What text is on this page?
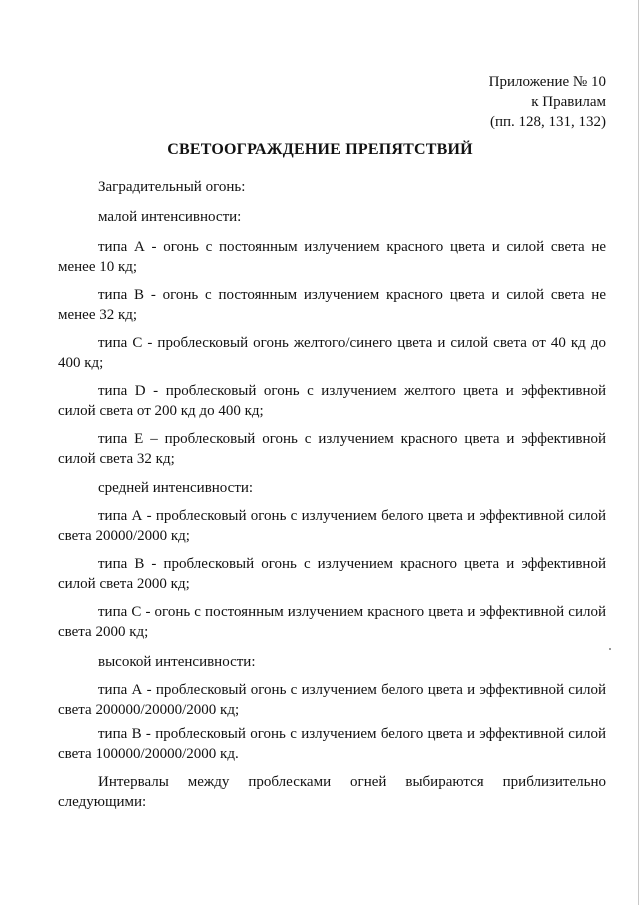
Приложение № 10
к Правилам
(пп. 128, 131, 132)
СВЕТООГРАЖДЕНИЕ ПРЕПЯТСТВИЙ
Заградительный огонь:
малой интенсивности:
типа А - огонь с постоянным излучением красного цвета и силой света не
менее 10 кд;
типа В - огонь с постоянным излучением красного цвета и силой света не
менее 32 кд;
типа С - проблесковый огонь желтого/синего цвета и силой света от 40 кд до
400 кд;
типа D - проблесковый огонь с излучением желтого цвета и эффективной
силой света от 200 кд до 400 кд;
типа Е – проблесковый огонь с излучением красного цвета и эффективной
силой света 32 кд;
средней интенсивности:
типа А - проблесковый огонь с излучением белого цвета и эффективной силой
света 20000/2000 кд;
типа В - проблесковый огонь с излучением красного цвета и эффективной
силой света 2000 кд;
типа С - огонь с постоянным излучением красного цвета и эффективной силой
света 2000 кд;
высокой интенсивности:
типа А - проблесковый огонь с излучением белого цвета и эффективной силой
света 200000/20000/2000 кд;
типа В - проблесковый огонь с излучением белого цвета и эффективной силой
света 100000/20000/2000 кд.
Интервалы между проблесками огней выбираются приблизительно
следующими:
